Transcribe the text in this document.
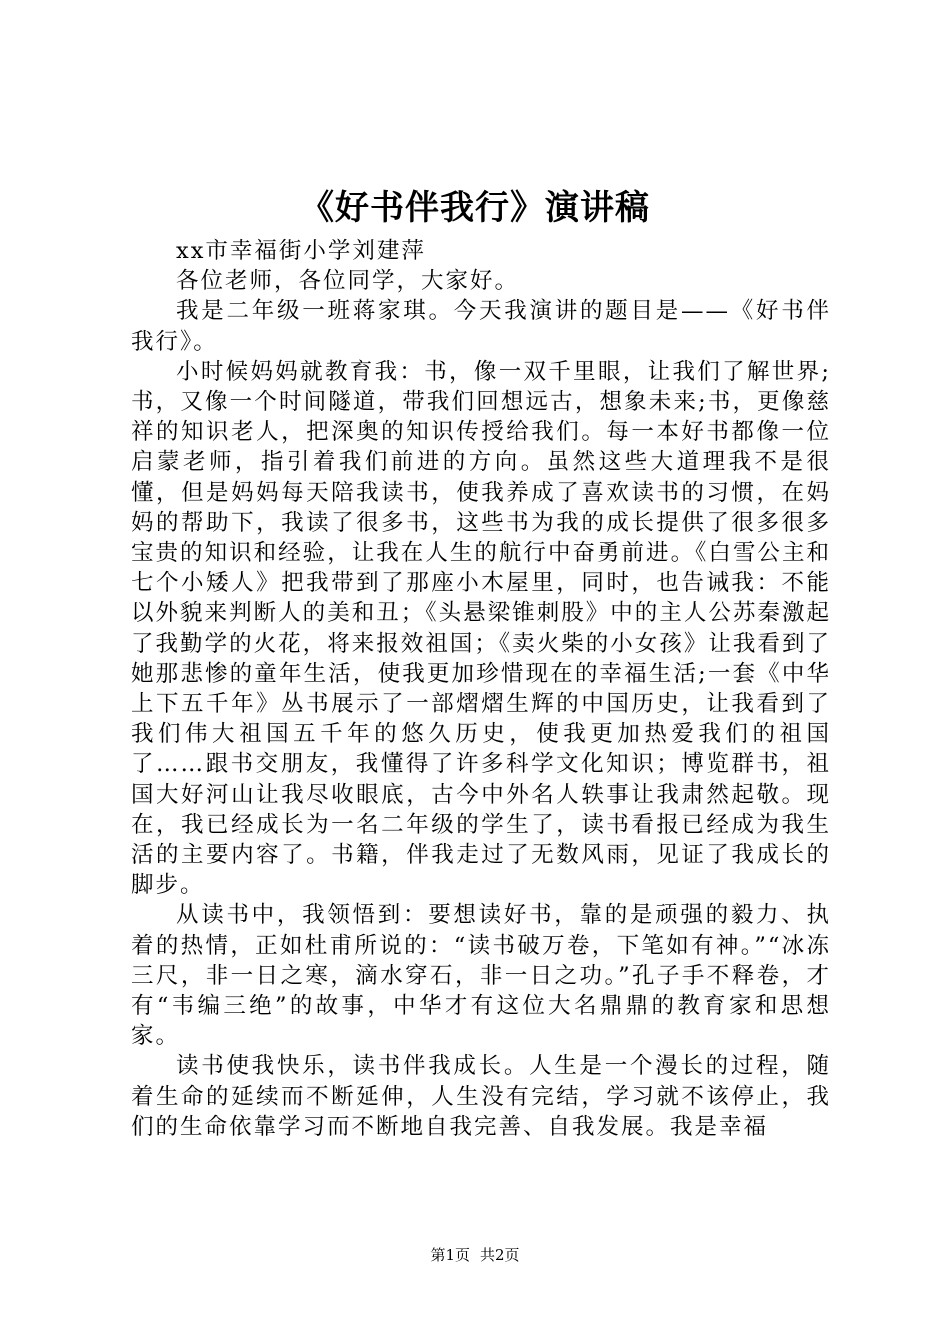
《好书伴我行》演讲稿

xx市幸福街小学刘建萍

各位老师，各位同学，大家好。

我是二年级一班蒋家琪。今天我演讲的题目是——《好书伴我行》。

小时候妈妈就教育我：书，像一双千里眼，让我们了解世界;书，又像一个时间隧道，带我们回想远古，想象未来;书，更像慈祥的知识老人，把深奥的知识传授给我们。每一本好书都像一位启蒙老师，指引着我们前进的方向。虽然这些大道理我不是很懂，但是妈妈每天陪我读书，使我养成了喜欢读书的习惯，在妈妈的帮助下，我读了很多书，这些书为我的成长提供了很多很多宝贵的知识和经验，让我在人生的航行中奋勇前进。《白雪公主和七个小矮人》把我带到了那座小木屋里，同时，也告诫我：不能以外貌来判断人的美和丑；《头悬梁锥刺股》中的主人公苏秦激起了我勤学的火花，将来报效祖国；《卖火柴的小女孩》让我看到了她那悲惨的童年生活，使我更加珍惜现在的幸福生活;一套《中华上下五千年》丛书展示了一部熠熠生辉的中国历史，让我看到了我们伟大祖国五千年的悠久历史，使我更加热爱我们的祖国了……跟书交朋友，我懂得了许多科学文化知识；博览群书，祖国大好河山让我尽收眼底，古今中外名人轶事让我肃然起敬。现在，我已经成长为一名二年级的学生了，读书看报已经成为我生活的主要内容了。书籍，伴我走过了无数风雨，见证了我成长的脚步。

从读书中，我领悟到：要想读好书，靠的是顽强的毅力、执着的热情，正如杜甫所说的：“读书破万卷，下笔如有神。”“冰冻三尺，非一日之寒，滴水穿石，非一日之功。”孔子手不释卷，才有“韦编三绝”的故事，中华才有这位大名鼎鼎的教育家和思想家。

读书使我快乐，读书伴我成长。人生是一个漫长的过程，随着生命的延续而不断延伸，人生没有完结，学习就不该停止，我们的生命依靠学习而不断地自我完善、自我发展。我是幸福

第1页 共2页
